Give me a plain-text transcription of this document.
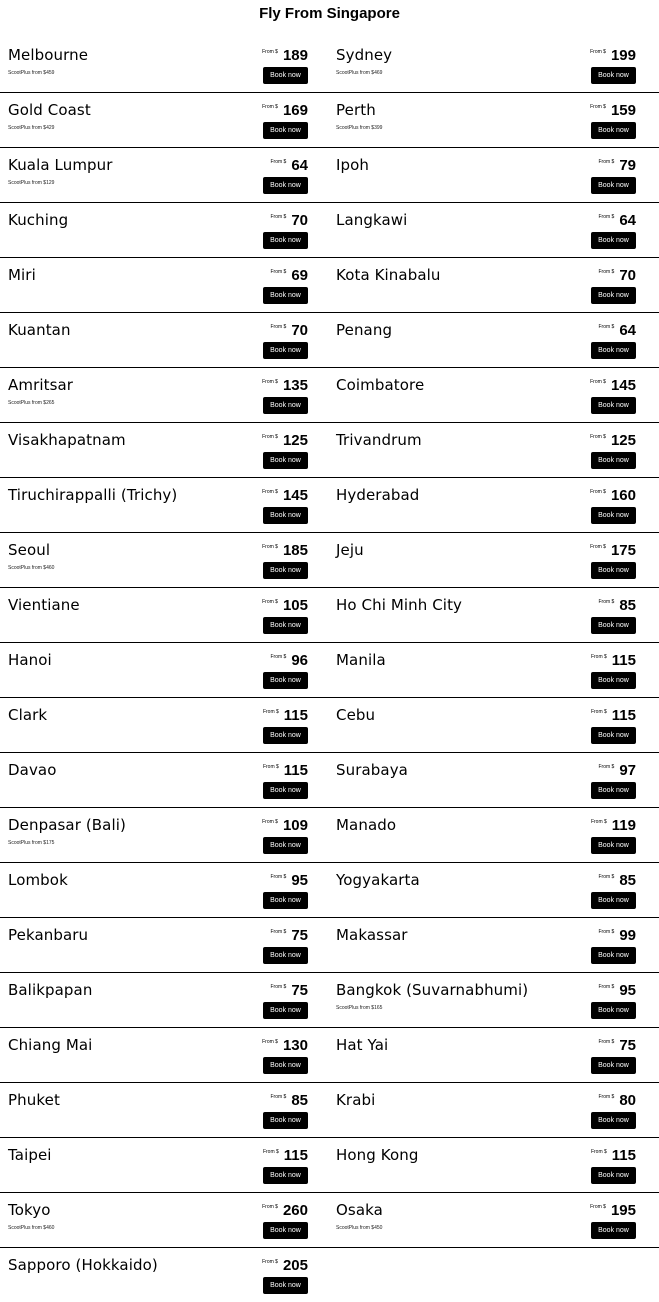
Fly From Singapore
Melbourne
ScootPlus from $459
From $ 189
Book now
Sydney
ScootPlus from $469
From $ 199
Book now
Gold Coast
ScootPlus from $429
From $ 169
Book now
Perth
ScootPlus from $399
From $ 159
Book now
Kuala Lumpur
ScootPlus from $129
From $ 64
Book now
Ipoh	From $ 79
Book now
Kuching	From $ 70
Book now
Langkawi	From $ 64
Book now
Miri	From $ 69
Book now
Kota Kinabalu	From $ 70
Book now
Kuantan	From $ 70
Book now
Penang	From $ 64
Book now
Amritsar
ScootPlus from $265
From $ 135
Book now
Coimbatore	From $ 145
Book now
Visakhapatnam	From $ 125
Book now
Trivandrum	From $ 125
Book now
Tiruchirappalli (Trichy)	From $ 145
Book now
Hyderabad	From $ 160
Book now
Seoul
ScootPlus from $460
From $ 185
Book now
Jeju	From $ 175
Book now
Vientiane	From $ 105
Book now
Ho Chi Minh City	From $ 85
Book now
Hanoi	From $ 96
Book now
Manila	From $ 115
Book now
Clark	From $ 115
Book now
Cebu	From $ 115
Book now
Davao	From $ 115
Book now
Surabaya	From $ 97
Book now
Denpasar (Bali)
ScootPlus from $175
From $ 109
Book now
Manado	From $ 119
Book now
Lombok	From $ 95
Book now
Yogyakarta	From $ 85
Book now
Pekanbaru	From $ 75
Book now
Makassar	From $ 99
Book now
Balikpapan	From $ 75
Book now
Bangkok (Suvarnabhumi)
ScootPlus from $165
From $ 95
Book now
Chiang Mai	From $ 130
Book now
Hat Yai	From $ 75
Book now
Phuket	From $ 85
Book now
Krabi	From $ 80
Book now
Taipei	From $ 115
Book now
Hong Kong	From $ 115
Book now
Tokyo
ScootPlus from $460
From $ 260
Book now
Osaka
ScootPlus from $450
From $ 195
Book now
Sapporo (Hokkaido)	From $ 205
Book now
